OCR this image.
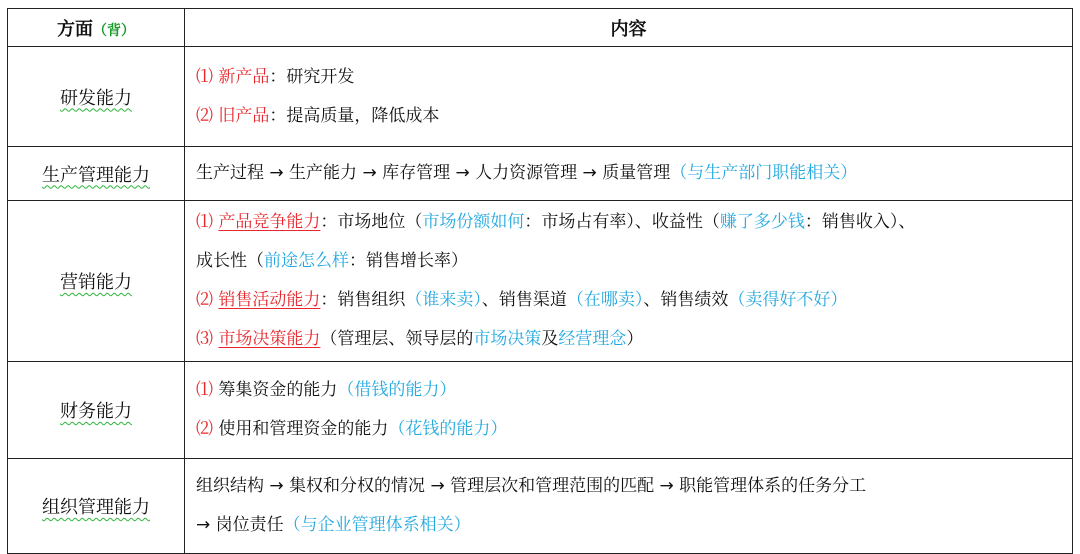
方面（背）	内容
研发能力	⑴ 新产品：研究开发
⑵ 旧产品：提高质量，降低成本

生产管理能力	生产过程 → 生产能力 → 库存管理 → 人力资源管理 → 质量管理（与生产部门职能相关）

营销能力	⑴ 产品竞争能力：市场地位（市场份额如何：市场占有率）、收益性（赚了多少钱：销售收入）、
成长性（前途怎么样：销售增长率）
⑵ 销售活动能力：销售组织（谁来卖）、销售渠道（在哪卖）、销售绩效（卖得好不好）
⑶ 市场决策能力（管理层、领导层的市场决策及经营理念）

财务能力	⑴ 筹集资金的能力（借钱的能力）
⑵ 使用和管理资金的能力（花钱的能力）

组织管理能力	组织结构 → 集权和分权的情况 → 管理层次和管理范围的匹配 → 职能管理体系的任务分工
→ 岗位责任（与企业管理体系相关）
